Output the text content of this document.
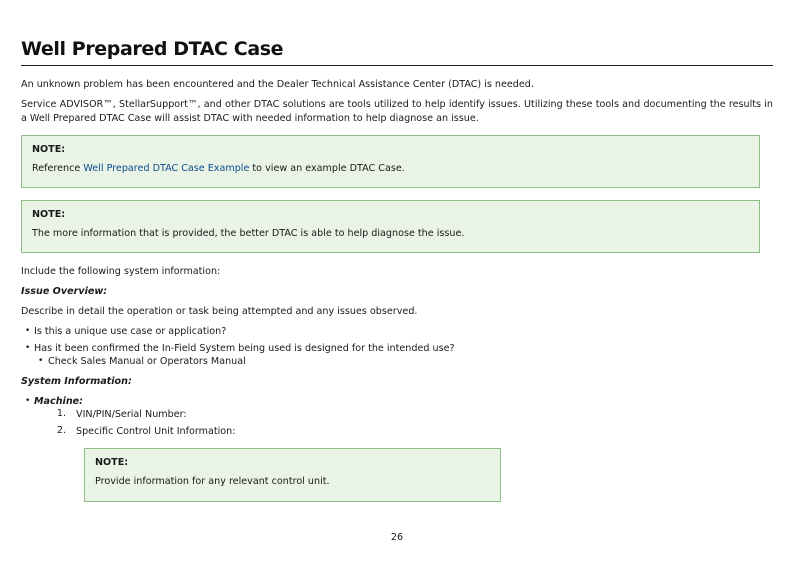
Well Prepared DTAC Case

An unknown problem has been encountered and the Dealer Technical Assistance Center (DTAC) is needed.

Service ADVISOR™, StellarSupport™, and other DTAC solutions are tools utilized to help identify issues. Utilizing these tools and documenting the results in a Well Prepared DTAC Case will assist DTAC with needed information to help diagnose an issue.

NOTE:
Reference Well Prepared DTAC Case Example to view an example DTAC Case.
NOTE:
The more information that is provided, the better DTAC is able to help diagnose the issue.

Include the following system information:

Issue Overview:

Describe in detail the operation or task being attempted and any issues observed.

• Is this a unique use case or application?

• Has it been confirmed the In-Field System being used is designed for the intended use?

• Check Sales Manual or Operators Manual

System Information:

• Machine:

1. VIN/PIN/Serial Number:

2. Specific Control Unit Information:

NOTE:
Provide information for any relevant control unit.
26
